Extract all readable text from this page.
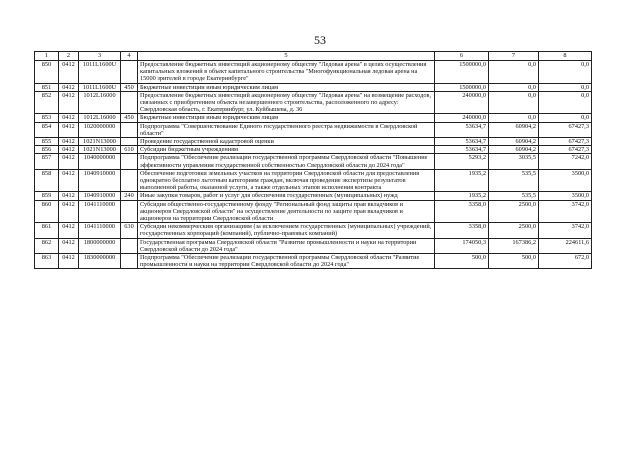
53
1	2	3	4	5	6	7	8
850	0412	1011L1600U		Предоставление бюджетных инвестиций акционерному обществу "Ледовая арена" в целях осуществления капитальных вложений в объект капитального строительства "Многофункциональная ледовая арена на 15000 зрителей в городе Екатеринбурге"	1500000,0	0,0	0,0
851	0412	1011L1600U	450	Бюджетные инвестиции иным юридическим лицам	1500000,0	0,0	0,0
852	0412	1012L16000		Предоставление бюджетных инвестиций акционерному обществу "Ледовая арена" на возмещение расходов, связанных с приобретением объекта незавершенного строительства, расположенного по адресу: Свердловская область, г. Екатеринбург, ул. Куйбышева, д. 36	240000,0	0,0	0,0
853	0412	1012L16000	450	Бюджетные инвестиции иным юридическим лицам	240000,0	0,0	0,0
854	0412	1020000000		Подпрограмма "Совершенствование Единого государственного реестра недвижимости в Свердловской области"	53634,7	60904,2	67427,3
855	0412	1021N13000		Проведение государственной кадастровой оценки	53634,7	60904,2	67427,3
856	0412	1021N13000	610	Субсидии бюджетным учреждениям	53634,7	60904,2	67427,3
857	0412	1040000000		Подпрограмма "Обеспечение реализации государственной программы Свердловской области "Повышение эффективности управления государственной собственностью Свердловской области до 2024 года"	5293,2	3035,5	7242,0
858	0412	1040910000		Обеспечение подготовки земельных участков на территории Свердловской области для предоставления однократно бесплатно льготным категориям граждан, включая проведение экспертизы результатов выполненной работы, оказанной услуги, а также отдельных этапов исполнения контракта	1935,2	535,5	3500,0
859	0412	1040910000	240	Иные закупки товаров, работ и услуг для обеспечения государственных (муниципальных) нужд	1935,2	535,5	3500,0
860	0412	1041110000		Субсидия общественно-государственному фонду "Региональный фонд защиты прав вкладчиков и акционеров Свердловской области" на осуществление деятельности по защите прав вкладчиков и акционеров на территории Свердловской области	3358,0	2500,0	3742,0
861	0412	1041110000	630	Субсидии некоммерческим организациям (за исключением государственных (муниципальных) учреждений, государственных корпораций (компаний), публично-правовых компаний)	3358,0	2500,0	3742,0
862	0412	1800000000		Государственная программа Свердловской области "Развитие промышленности и науки на территории Свердловской области до 2024 года"	174050,3	167386,2	224611,6
863	0412	1830000000		Подпрограмма "Обеспечение реализации государственной программы Свердловской области "Развитие промышленности и науки на территории Свердловской области до 2024 года"	500,0	500,0	672,0
